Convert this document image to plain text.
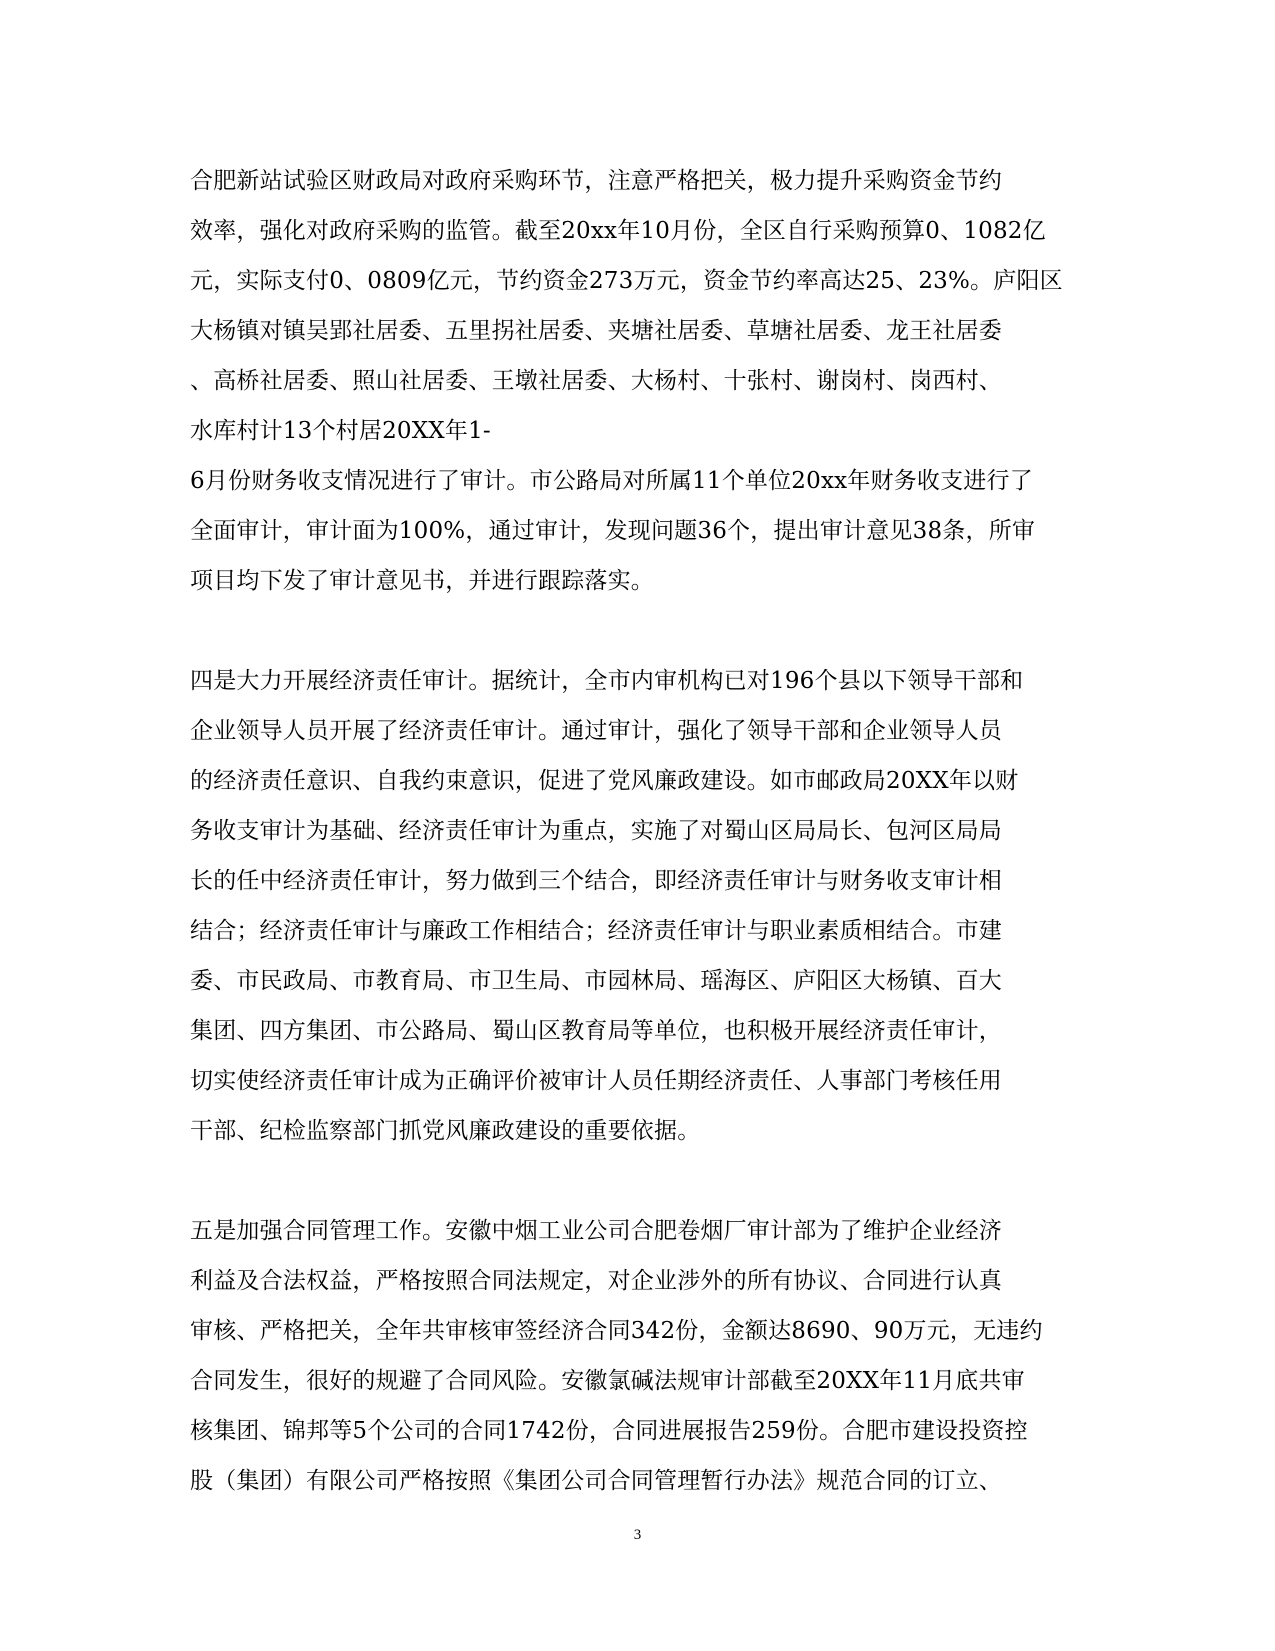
合肥新站试验区财政局对政府采购环节，注意严格把关，极力提升采购资金节约
效率，强化对政府采购的监管。截至20xx年10月份，全区自行采购预算0、1082亿
元，实际支付0、0809亿元，节约资金273万元，资金节约率高达25、23%。庐阳区
大杨镇对镇吴郢社居委、五里拐社居委、夹塘社居委、草塘社居委、龙王社居委
、高桥社居委、照山社居委、王墩社居委、大杨村、十张村、谢岗村、岗西村、
水库村计13个村居20XX年1-
6月份财务收支情况进行了审计。市公路局对所属11个单位20xx年财务收支进行了
全面审计，审计面为100%，通过审计，发现问题36个，提出审计意见38条，所审
项目均下发了审计意见书，并进行跟踪落实。
四是大力开展经济责任审计。据统计，全市内审机构已对196个县以下领导干部和
企业领导人员开展了经济责任审计。通过审计，强化了领导干部和企业领导人员
的经济责任意识、自我约束意识，促进了党风廉政建设。如市邮政局20XX年以财
务收支审计为基础、经济责任审计为重点，实施了对蜀山区局局长、包河区局局
长的任中经济责任审计，努力做到三个结合，即经济责任审计与财务收支审计相
结合；经济责任审计与廉政工作相结合；经济责任审计与职业素质相结合。市建
委、市民政局、市教育局、市卫生局、市园林局、瑶海区、庐阳区大杨镇、百大
集团、四方集团、市公路局、蜀山区教育局等单位，也积极开展经济责任审计，
切实使经济责任审计成为正确评价被审计人员任期经济责任、人事部门考核任用
干部、纪检监察部门抓党风廉政建设的重要依据。
五是加强合同管理工作。安徽中烟工业公司合肥卷烟厂审计部为了维护企业经济
利益及合法权益，严格按照合同法规定，对企业涉外的所有协议、合同进行认真
审核、严格把关，全年共审核审签经济合同342份，金额达8690、90万元，无违约
合同发生，很好的规避了合同风险。安徽氯碱法规审计部截至20XX年11月底共审
核集团、锦邦等5个公司的合同1742份，合同进展报告259份。合肥市建设投资控
股（集团）有限公司严格按照《集团公司合同管理暂行办法》规范合同的订立、
3
